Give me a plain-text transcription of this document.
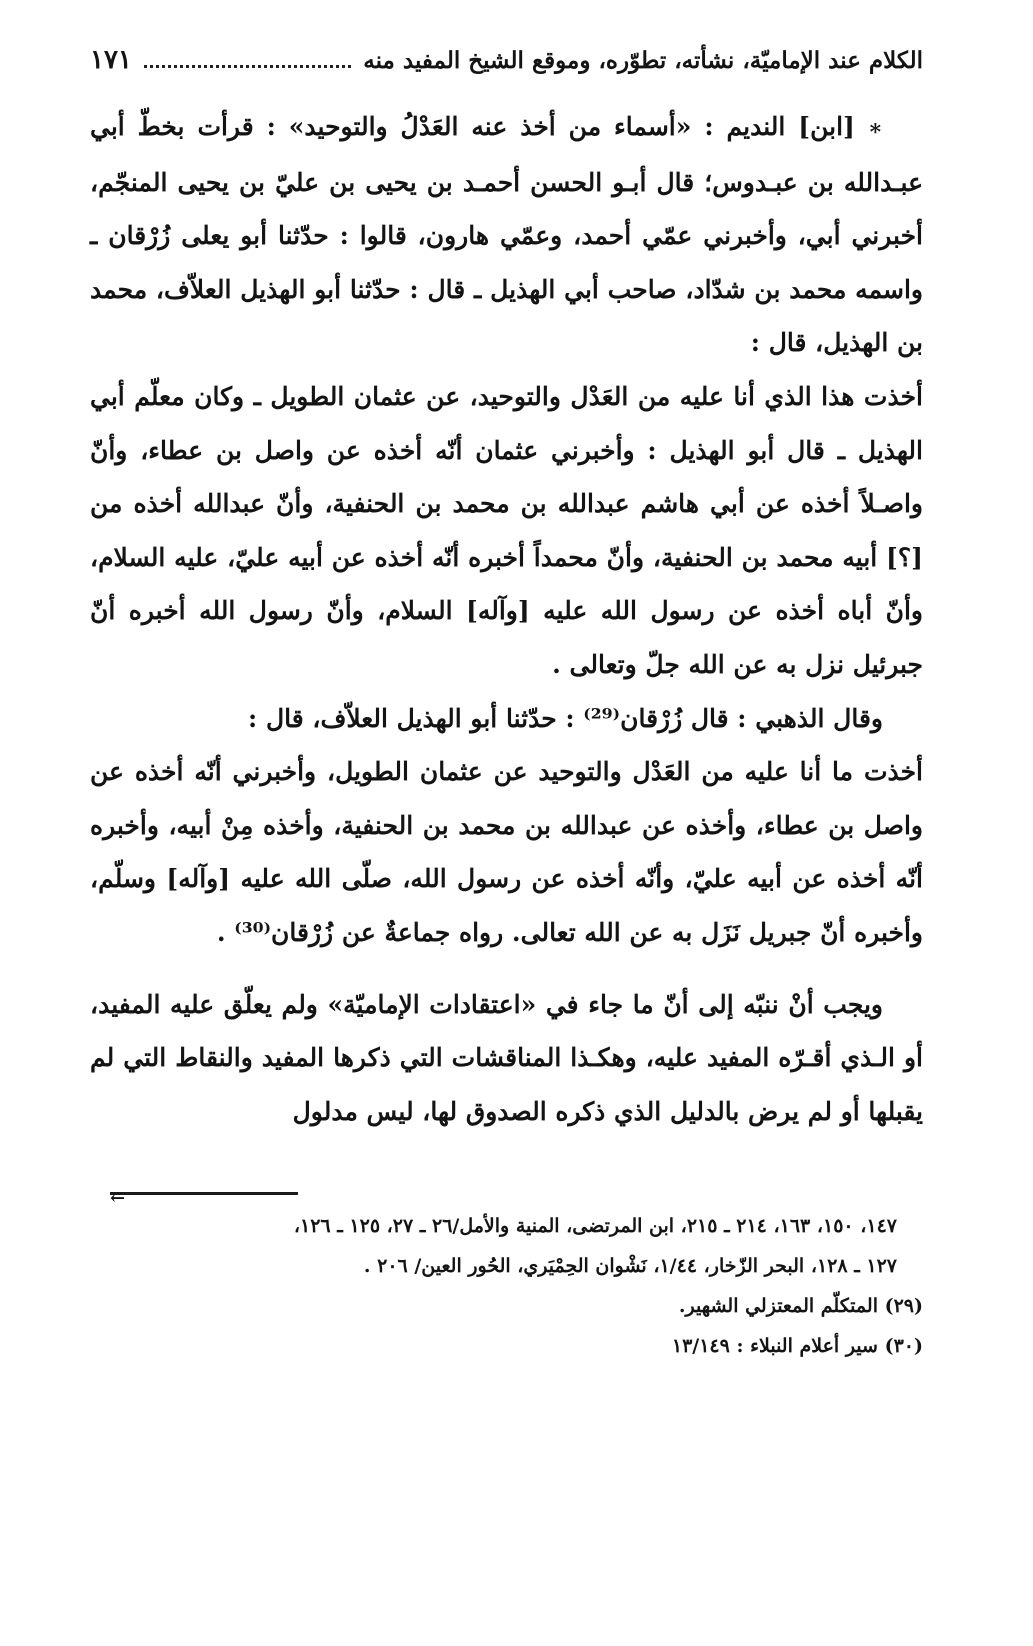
الكلام عند الإماميّة، نشأته، تطوّره، وموقع الشيخ المفيد منه
١٧١

∗ [ابن] النديم : «أسماء من أخذ عنه العَدْلُ والتوحيد» : قرأت بخطّ أبي عبـدالله بن عبـدوس؛ قال أبـو الحسن أحمـد بن يحيى بن عليّ بن يحيى المنجّم، أخبرني أبي، وأخبرني عمّي أحمد، وعمّي هارون، قالوا : حدّثنا أبو يعلى زُرْقان ـ واسمه محمد بن شدّاد، صاحب أبي الهذيل ـ قال : حدّثنا أبو الهذيل العلاّف، محمد بن الهذيل، قال :

أخذت هذا الذي أنا عليه من العَدْل والتوحيد، عن عثمان الطويل ـ وكان معلّم أبي الهذيل ـ قال أبو الهذيل : وأخبرني عثمان أنّه أخذه عن واصل بن عطاء، وأنّ واصـلاً أخذه عن أبي هاشم عبدالله بن محمد بن الحنفية، وأنّ عبدالله أخذه من [؟] أبيه محمد بن الحنفية، وأنّ محمداً أخبره أنّه أخذه عن أبيه عليّ، عليه السلام، وأنّ أباه أخذه عن رسول الله عليه [وآله] السلام، وأنّ رسول الله أخبره أنّ جبرئيل نزل به عن الله جلّ وتعالى .

وقال الذهبي : قال زُرْقان⁽²⁹⁾ : حدّثنا أبو الهذيل العلاّف، قال :

أخذت ما أنا عليه من العَدْل والتوحيد عن عثمان الطويل، وأخبرني أنّه أخذه عن واصل بن عطاء، وأخذه عن عبدالله بن محمد بن الحنفية، وأخذه مِنْ أبيه، وأخبره أنّه أخذه عن أبيه عليّ، وأنّه أخذه عن رسول الله، صلّى الله عليه [وآله] وسلّم، وأخبره أنّ جبريل نَزَل به عن الله تعالى. رواه جماعةٌ عن زُرْقان⁽³⁰⁾ .

ويجب أنْ ننبّه إلى أنّ ما جاء في «اعتقادات الإماميّة» ولم يعلّق عليه المفيد، أو الـذي أقـرّه المفيد عليه، وهكـذا المناقشات التي ذكرها المفيد والنقاط التي لم يقبلها أو لم يرض بالدليل الذي ذكره الصدوق لها، ليس مدلول

←

١٤٧، ١٥٠، ١٦٣، ٢١٤ ـ ٢١٥، ابن المرتضى، المنية والأمل/٢٦ ـ ٢٧، ١٢٥ ـ ١٢٦،

١٢٧ ـ ١٢٨، البحر الزّخار، ١/٤٤، نَشْوان الحِمْيَري، الحُور العين/ ٢٠٦ .

(٢٩) المتكلّم المعتزلي الشهير.

(٣٠) سير أعلام النبلاء : ١٣/١٤٩
